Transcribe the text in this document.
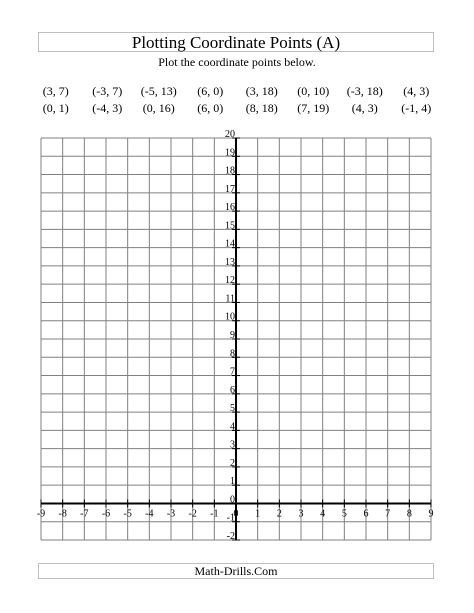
Plotting Coordinate Points (A)
Plot the coordinate points below.
(3, 7)	(-3, 7)	(-5, 13)	(6, 0)	(3, 18)	(0, 10)	(-3, 18)	(4, 3)
(0, 1)	(-4, 3)	(0, 16)	(6, 0)	(8, 18)	(7, 19)	(4, 3)	(-1, 4)
-9 -8 -7 -6 -5 -4 -3 -2 -1 0 1 2 3 4 5 6 7 8 9
-2
-1
0
1
2
3
4
5
6
7
8
9
10
11
12
13
14
15
16
17
18
19
20
Math-Drills.Com
